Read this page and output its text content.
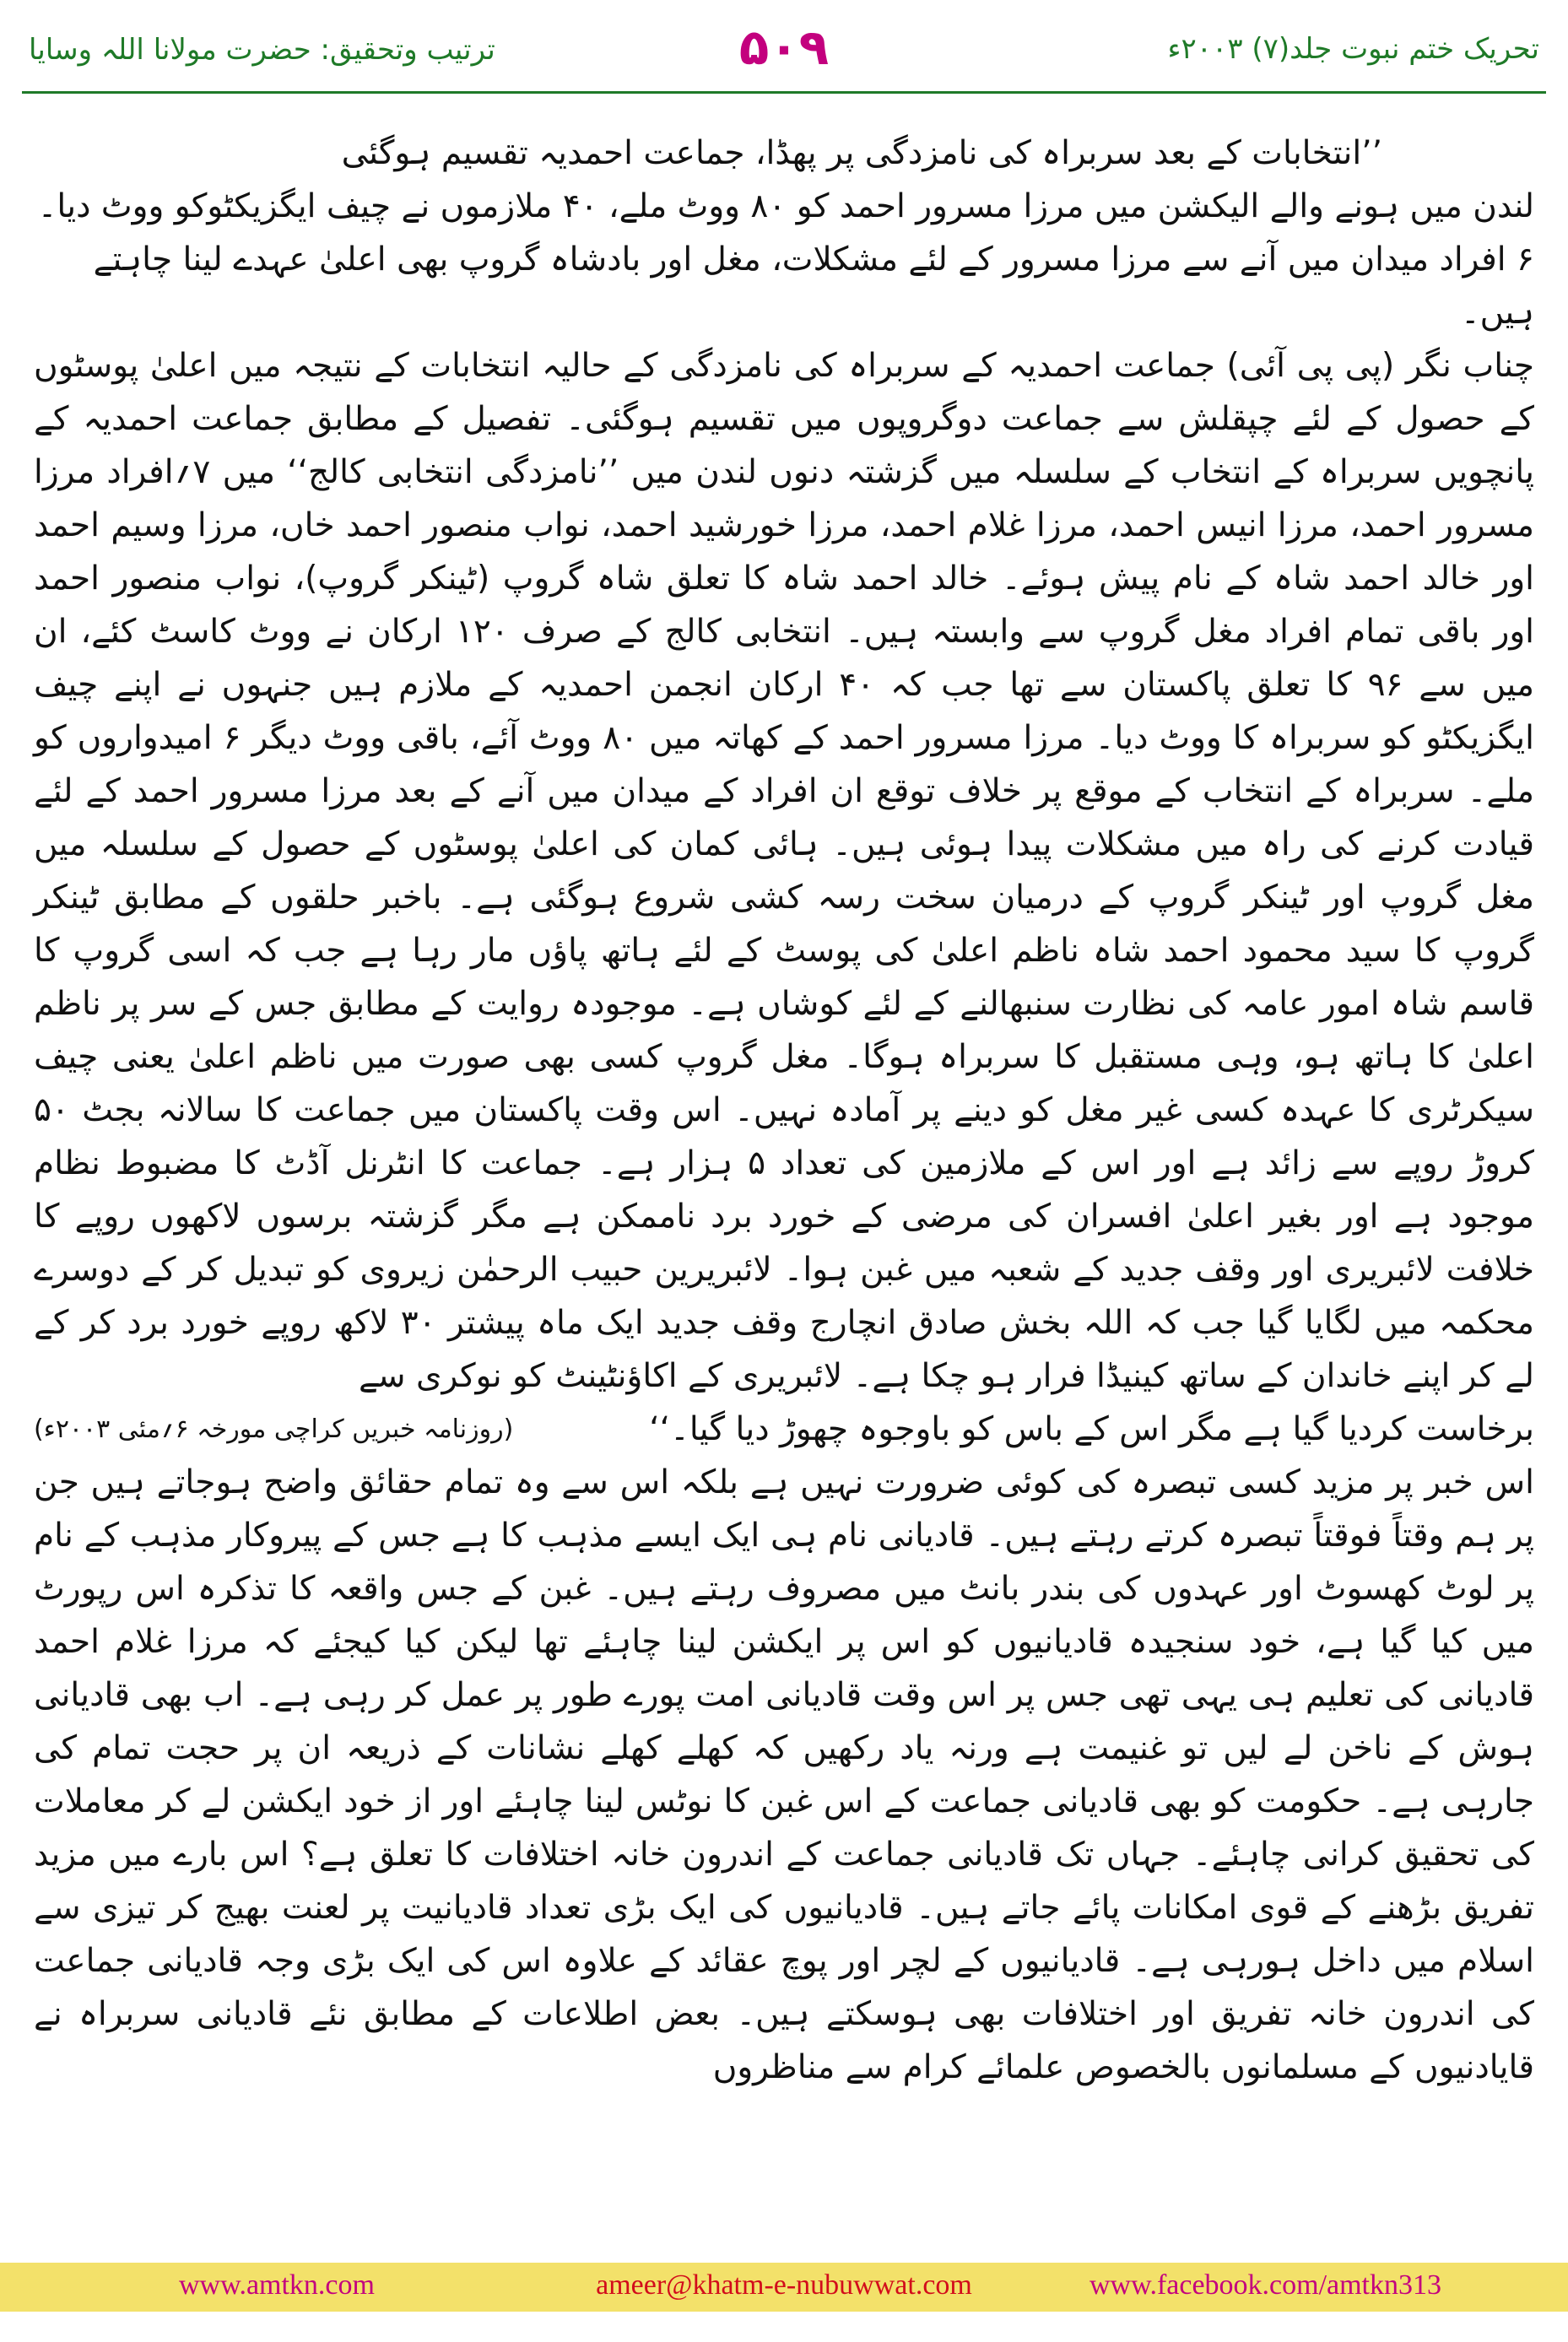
ترتیب وتحقیق: حضرت مولانا اللہ وسایا	۵۰۹	تحریک ختم نبوت جلد(۷) ۲۰۰۳ء
’’انتخابات کے بعد سربراہ کی نامزدگی پر پھڈا، جماعت احمدیہ تقسیم ہوگئی
لندن میں ہونے والے الیکشن میں مرزا مسرور احمد کو ۸۰ ووٹ ملے، ۴۰ ملازموں نے چیف ایگزیکٹوکو ووٹ دیا۔
۶ افراد میدان میں آنے سے مرزا مسرور کے لئے مشکلات، مغل اور بادشاہ گروپ بھی اعلیٰ عہدے لینا چاہتے ہیں۔

چناب نگر (پی پی آئی) جماعت احمدیہ کے سربراہ کی نامزدگی کے حالیہ انتخابات کے نتیجہ میں اعلیٰ پوسٹوں کے حصول کے لئے چپقلش سے جماعت دوگروپوں میں تقسیم ہوگئی۔ تفصیل کے مطابق جماعت احمدیہ کے پانچویں سربراہ کے انتخاب کے سلسلہ میں گزشتہ دنوں لندن میں ’’نامزدگی انتخابی کالج‘‘ میں ۷؍افراد مرزا مسرور احمد، مرزا انیس احمد، مرزا غلام احمد، مرزا خورشید احمد، نواب منصور احمد خاں، مرزا وسیم احمد اور خالد احمد شاہ کے نام پیش ہوئے۔ خالد احمد شاہ کا تعلق شاہ گروپ (ٹینکر گروپ)، نواب منصور احمد اور باقی تمام افراد مغل گروپ سے وابستہ ہیں۔ انتخابی کالج کے صرف ۱۲۰ ارکان نے ووٹ کاسٹ کئے، ان میں سے ۹۶ کا تعلق پاکستان سے تھا جب کہ ۴۰ ارکان انجمن احمدیہ کے ملازم ہیں جنہوں نے اپنے چیف ایگزیکٹو کو سربراہ کا ووٹ دیا۔ مرزا مسرور احمد کے کھاتہ میں ۸۰ ووٹ آئے، باقی ووٹ دیگر ۶ امیدواروں کو ملے۔ سربراہ کے انتخاب کے موقع پر خلاف توقع ان افراد کے میدان میں آنے کے بعد مرزا مسرور احمد کے لئے قیادت کرنے کی راہ میں مشکلات پیدا ہوئی ہیں۔ ہائی کمان کی اعلیٰ پوسٹوں کے حصول کے سلسلہ میں مغل گروپ اور ٹینکر گروپ کے درمیان سخت رسہ کشی شروع ہوگئی ہے۔ باخبر حلقوں کے مطابق ٹینکر گروپ کا سید محمود احمد شاہ ناظم اعلیٰ کی پوسٹ کے لئے ہاتھ پاؤں مار رہا ہے جب کہ اسی گروپ کا قاسم شاہ امور عامہ کی نظارت سنبھالنے کے لئے کوشاں ہے۔ موجودہ روایت کے مطابق جس کے سر پر ناظم اعلیٰ کا ہاتھ ہو، وہی مستقبل کا سربراہ ہوگا۔ مغل گروپ کسی بھی صورت میں ناظم اعلیٰ یعنی چیف سیکرٹری کا عہدہ کسی غیر مغل کو دینے پر آمادہ نہیں۔ اس وقت پاکستان میں جماعت کا سالانہ بجٹ ۵۰ کروڑ روپے سے زائد ہے اور اس کے ملازمین کی تعداد ۵ ہزار ہے۔ جماعت کا انٹرنل آڈٹ کا مضبوط نظام موجود ہے اور بغیر اعلیٰ افسران کی مرضی کے خورد برد ناممکن ہے مگر گزشتہ برسوں لاکھوں روپے کا خلافت لائبریری اور وقف جدید کے شعبہ میں غبن ہوا۔ لائبریرین حبیب الرحمٰن زیروی کو تبدیل کر کے دوسرے محکمہ میں لگایا گیا جب کہ اللہ بخش صادق انچارج وقف جدید ایک ماہ پیشتر ۳۰ لاکھ روپے خورد برد کر کے لے کر اپنے خاندان کے ساتھ کینیڈا فرار ہو چکا ہے۔ لائبریری کے اکاؤنٹینٹ کو نوکری سے

برخاست کردیا گیا ہے مگر اس کے باس کو باوجوہ چھوڑ دیا گیا۔‘‘
(روزنامہ خبریں کراچی مورخہ ۶؍مئی ۲۰۰۳ء)

اس خبر پر مزید کسی تبصرہ کی کوئی ضرورت نہیں ہے بلکہ اس سے وہ تمام حقائق واضح ہوجاتے ہیں جن پر ہم وقتاً فوقتاً تبصرہ کرتے رہتے ہیں۔ قادیانی نام ہی ایک ایسے مذہب کا ہے جس کے پیروکار مذہب کے نام پر لوٹ کھسوٹ اور عہدوں کی بندر بانٹ میں مصروف رہتے ہیں۔ غبن کے جس واقعہ کا تذکرہ اس رپورٹ میں کیا گیا ہے، خود سنجیدہ قادیانیوں کو اس پر ایکشن لینا چاہئے تھا لیکن کیا کیجئے کہ مرزا غلام احمد قادیانی کی تعلیم ہی یہی تھی جس پر اس وقت قادیانی امت پورے طور پر عمل کر رہی ہے۔ اب بھی قادیانی ہوش کے ناخن لے لیں تو غنیمت ہے ورنہ یاد رکھیں کہ کھلے کھلے نشانات کے ذریعہ ان پر حجت تمام کی جارہی ہے۔ حکومت کو بھی قادیانی جماعت کے اس غبن کا نوٹس لینا چاہئے اور از خود ایکشن لے کر معاملات کی تحقیق کرانی چاہئے۔ جہاں تک قادیانی جماعت کے اندرون خانہ اختلافات کا تعلق ہے؟ اس بارے میں مزید تفریق بڑھنے کے قوی امکانات پائے جاتے ہیں۔ قادیانیوں کی ایک بڑی تعداد قادیانیت پر لعنت بھیج کر تیزی سے اسلام میں داخل ہورہی ہے۔ قادیانیوں کے لچر اور پوچ عقائد کے علاوہ اس کی ایک بڑی وجہ قادیانی جماعت کی اندرون خانہ تفریق اور اختلافات بھی ہوسکتے ہیں۔ بعض اطلاعات کے مطابق نئے قادیانی سربراہ نے قایادنیوں کے مسلمانوں بالخصوص علمائے کرام سے مناظروں

www.amtkn.com	ameer@khatm-e-nubuwwat.com	www.facebook.com/amtkn313
